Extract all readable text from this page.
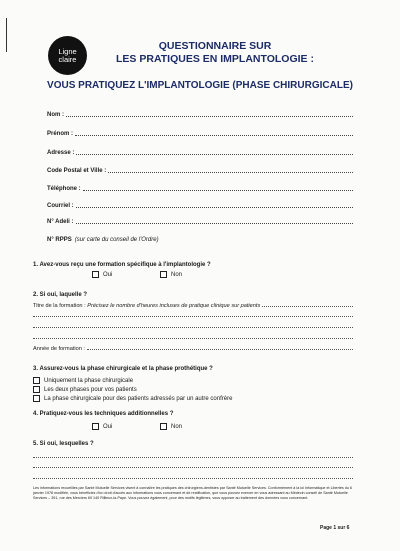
Ligne
claire
QUESTIONNAIRE SUR
LES PRATIQUES EN IMPLANTOLOGIE :
VOUS PRATIQUEZ L'IMPLANTOLOGIE (PHASE CHIRURGICALE)
Nom :
Prénom :
Adresse :
Code Postal et Ville :
Téléphone :
Courriel :
N° Adeli :
N° RPPS (sur carte du conseil de l'Ordre)
1. Avez-vous reçu une formation spécifique à l'implantologie ?
Oui	Non
2. Si oui, laquelle ?
Titre de la formation :
Précisez le nombre d'heures incluses de pratique clinique sur patients
Année de formation :
3. Assurez-vous la phase chirurgicale et la phase prothétique ?
Uniquement la phase chirurgicale
Les deux phases pour vos patients
La phase chirurgicale pour des patients adressés par un autre confrère
4. Pratiquez-vous les techniques additionnelles ?
Oui	Non
5. Si oui, lesquelles ?
Les informations recueillies par Santé Mutuelle Services visent à connaître les pratiques des chirurgiens-dentistes par Santé Mutuelle Services. Conformément à la loi Informatique et Libertés du 6 janvier 1978 modifiée, vous bénéficiez d'un droit d'accès aux informations vous concernant et de rectification, que vous pouvez exercer en vous adressant au Médecin conseil de Santé Mutuelle Services – 391, rue des Merciers 69 140 Rillieux-la-Pape. Vous pouvez également, pour des motifs légitimes, vous opposer au traitement des données vous concernant.
Page 1 sur 6
